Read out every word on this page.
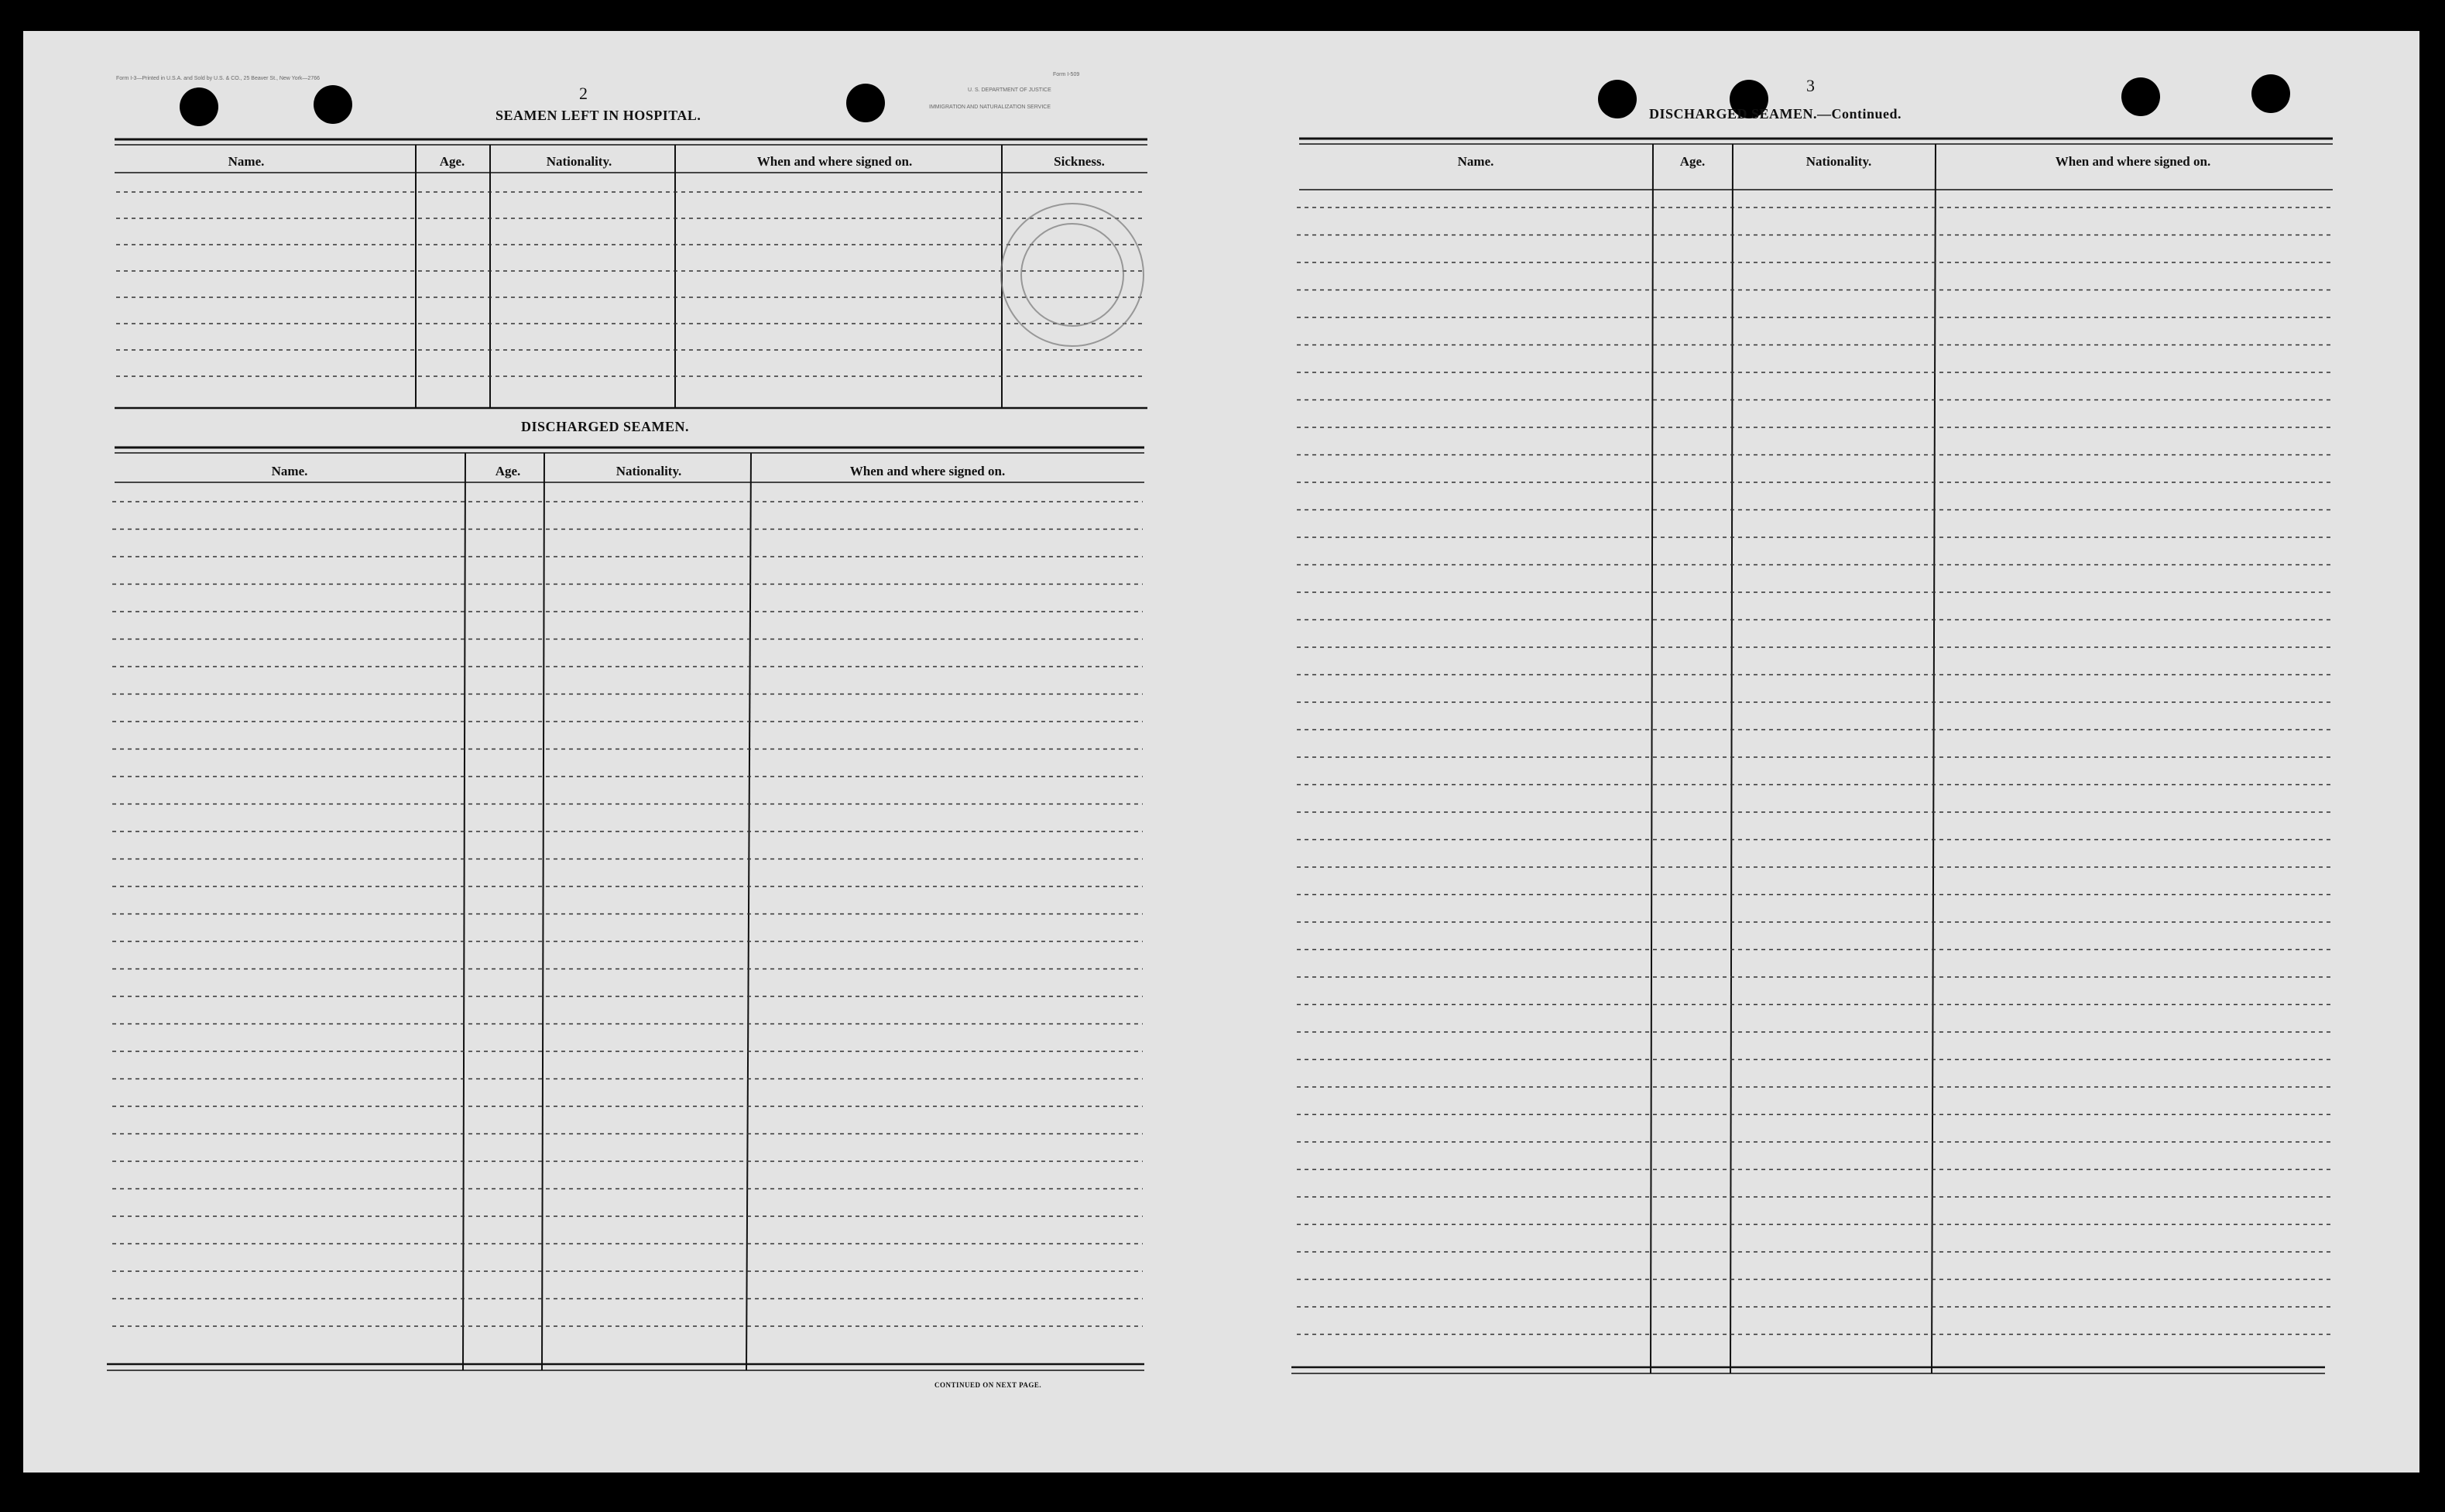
Form I-3—Printed in U.S.A. and Sold by U.S. & CO., 25 Beaver St., New York—2766
Form I-509
U. S. DEPARTMENT OF JUSTICE
IMMIGRATION AND NATURALIZATION SERVICE
2
SEAMEN LEFT IN HOSPITAL.
Name.	Age.	Nationality.	When and where signed on.	Sickness.
DISCHARGED SEAMEN.
Name.	Age.	Nationality.	When and where signed on.
CONTINUED ON NEXT PAGE.
3
DISCHARGED SEAMEN.—Continued.
Name.	Age.	Nationality.	When and where signed on.
